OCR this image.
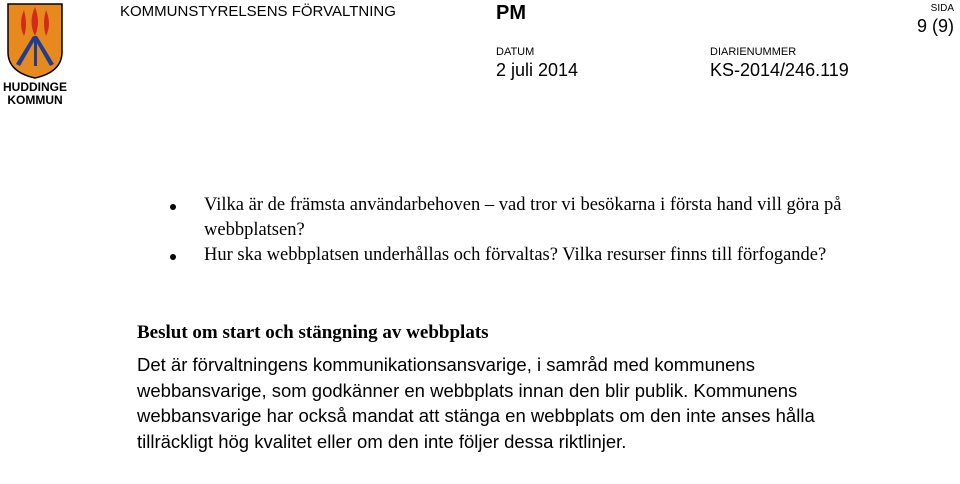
HUDDINGE
KOMMUN
KOMMUNSTYRELSENS FÖRVALTNING	PM	SIDA
9 (9)
DATUM
2 juli 2014
DIARIENUMMER
KS-2014/246.119
Vilka är de främsta användarbehoven – vad tror vi besökarna i första hand vill göra på webbplatsen?
Hur ska webbplatsen underhållas och förvaltas? Vilka resurser finns till förfogande?
Beslut om start och stängning av webbplats

Det är förvaltningens kommunikationsansvarige, i samråd med kommunens webbansvarige, som godkänner en webbplats innan den blir publik. Kommunens webbansvarige har också mandat att stänga en webbplats om den inte anses hålla tillräckligt hög kvalitet eller om den inte följer dessa riktlinjer.
